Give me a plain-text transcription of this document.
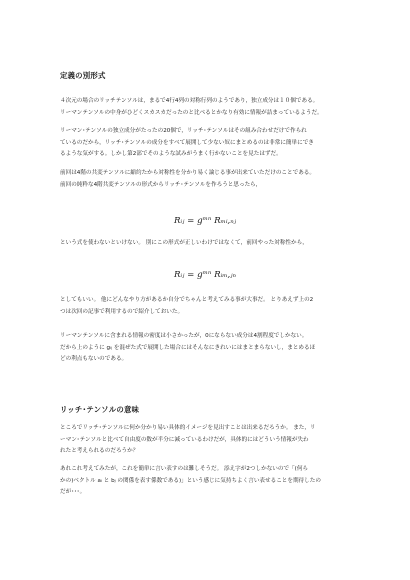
定義の別形式
４次元の場合のリッチテンソルは，まるで4行4列の対称行列のようであり，独立成分は１０個である。
リーマンテンソルの中身がひどくスカスカだったのと比べるとかなり有効に情報が詰まっているようだ。
リーマン･テンソルの独立成分がたったの20個で，リッチ･テンソルはその組み合わせだけで作られ
ているのだから，リッチ･テンソルの成分をすべて展開して少ない奴にまとめるのは非常に簡単にでき
るような気がする。しかし第2部でそのような試みがうまく行かないことを見たはずだ。
前回は4階の共変テンソルに縮約たから対称性を分かり易く論じる事が出来ていただけのことである。
前回の純粋な4階共変テンソルの形式からリッチ･テンソルを作ろうと思ったら，
Rᵢⱼ = gᵐⁿ Rₘᵢ,ₙⱼ
という式を使わないといけない。 別にこの形式が正しいわけではなくて，前回やった対称性から，
Rᵢⱼ = gᵐⁿ Rᵢₘ,ⱼₙ
としてもいい。 他にどんなやり方があるか自分でちゃんと考えてみる事が大事だ。 とりあえず上の2
つは次回の記事で利用するので紹介しておいた。
リーマンテンソルに含まれる情報の密度は小さかったが，0にならない成分は4割程度でしかない。
だから上のように gᵢⱼ を混ぜた式で展開した場合にはそんなにきれいにはまとまらないし，まとめるほ
どの利点もないのである。
リッチ･テンソルの意味
ところでリッチ･テンソルに何か分かり易い具体的イメージを見出すことは出来るだろうか。 また，リ
ーマン･テンソルと比べて自由度の数が半分に減っているわけだが，具体的にはどういう情報が失わ
れたと考えられるのだろうか？
あれこれ考えてみたが，これを簡単に言い表すのは難しそうだ。 添え字が2つしかないので「(何ら
かの)ベクトル aᵢ と bⱼ の関係を表す係数である)」という感じに気持ちよく言い表せることを期待したの
だが･･･。
